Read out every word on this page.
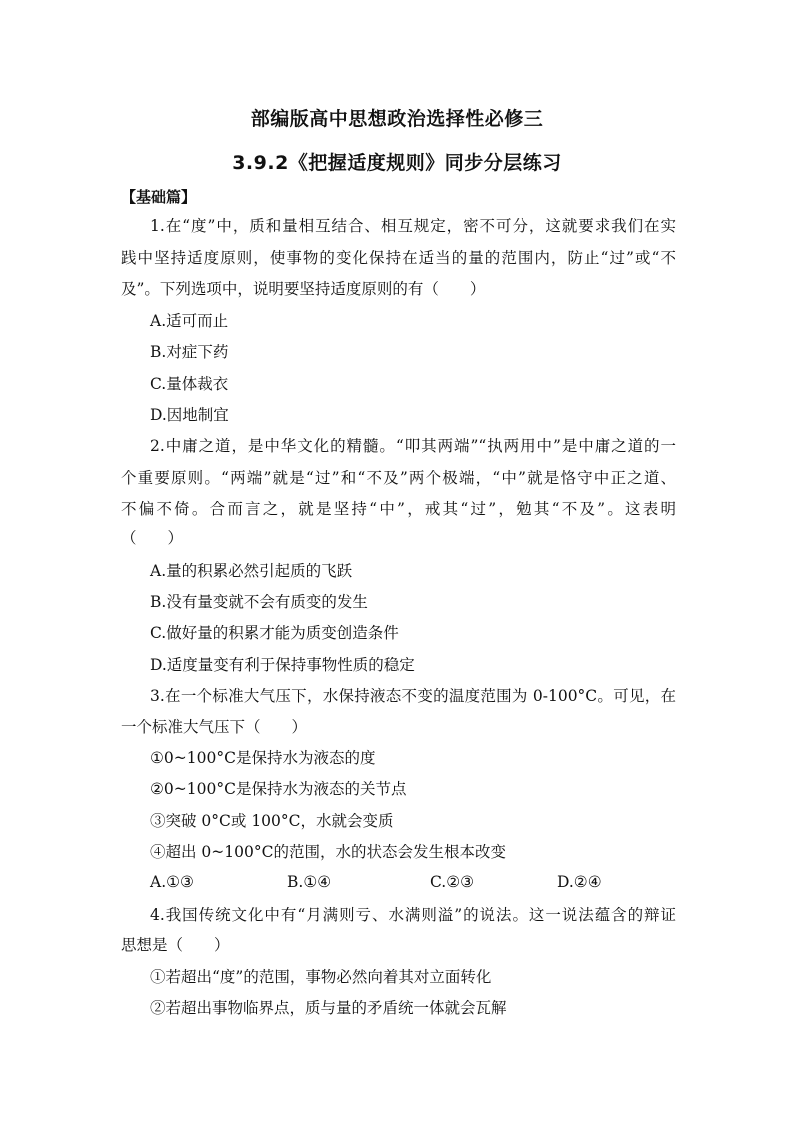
部编版高中思想政治选择性必修三
3.9.2《把握适度规则》同步分层练习
【基础篇】
1.在“度”中，质和量相互结合、相互规定，密不可分，这就要求我们在实
践中坚持适度原则，使事物的变化保持在适当的量的范围内，防止“过”或“不
及”。下列选项中，说明要坚持适度原则的有（　　）
A.适可而止
B.对症下药
C.量体裁衣
D.因地制宜
2.中庸之道，是中华文化的精髓。“叩其两端”“执两用中”是中庸之道的一
个重要原则。“两端”就是“过”和“不及”两个极端，“中”就是恪守中正之道、
不偏不倚。合而言之，就是坚持“中”，戒其“过”，勉其“不及”。这表明
（　　）
A.量的积累必然引起质的飞跃
B.没有量变就不会有质变的发生
C.做好量的积累才能为质变创造条件
D.适度量变有利于保持事物性质的稳定
3.在一个标准大气压下，水保持液态不变的温度范围为 0-100°C。可见，在
一个标准大气压下（　　）
①0~100°C是保持水为液态的度
②0~100°C是保持水为液态的关节点
③突破 0°C或 100°C，水就会变质
④超出 0~100°C的范围，水的状态会发生根本改变
A.①③	B.①④	C.②③	D.②④
4.我国传统文化中有“月满则亏、水满则溢”的说法。这一说法蕴含的辩证
思想是（　　）
①若超出“度”的范围，事物必然向着其对立面转化
②若超出事物临界点，质与量的矛盾统一体就会瓦解
